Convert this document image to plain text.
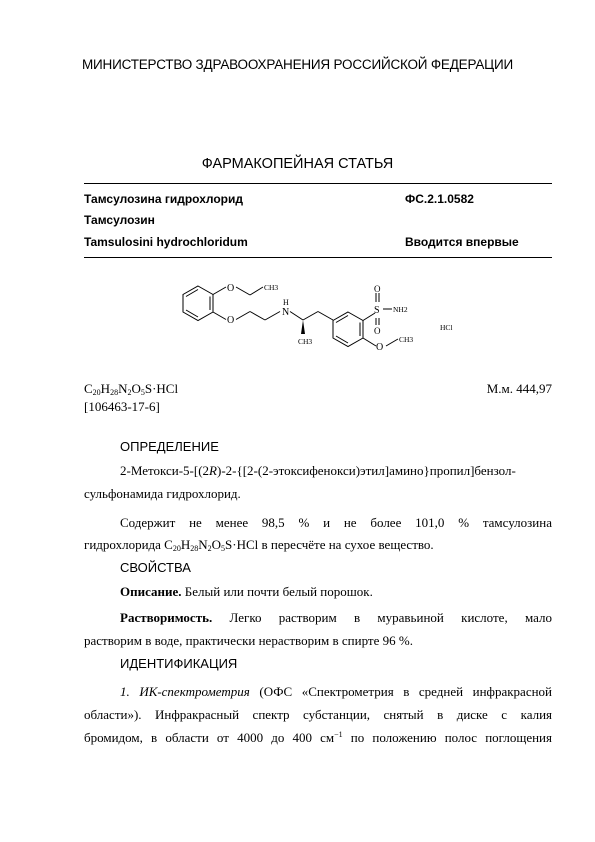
МИНИСТЕРСТВО ЗДРАВООХРАНЕНИЯ РОССИЙСКОЙ ФЕДЕРАЦИИ
ФАРМАКОПЕЙНАЯ СТАТЬЯ
Тамсулозина гидрохлорид	ФС.2.1.0582
Тамсулозин
Tamsulosini hydrochloridum	Вводится впервые
O	CH3
O
H
N
CH3
S
O
O
NH2
HCl
O
CH3
$C_{20}H_{28}N_2O_5S\cdot HCl$	М.м. 444,97
[106463-17-6]
ОПРЕДЕЛЕНИЕ
2-Метокси-5-[(2R)-2-{[2-(2-этоксифенокси)этил]амино}пропил]бензол-
сульфонамида гидрохлорид.
Содержит не менее 98,5 % и не более 101,0 % тамсулозина
гидрохлорида $C_{20}H_{28}N_2O_5S\cdot HCl$ в пересчёте на сухое вещество.
СВОЙСТВА
Описание. Белый или почти белый порошок.
Растворимость. Легко растворим в муравьиной кислоте, мало
растворим в воде, практически нерастворим в спирте 96 %.
ИДЕНТИФИКАЦИЯ
1. ИК-спектрометрия (ОФС «Спектрометрия в средней инфракрасной
области»). Инфракрасный спектр субстанции, снятый в диске с калия
бромидом, в области от 4000 до 400 $см^{-1}$ по положению полос поглощения
